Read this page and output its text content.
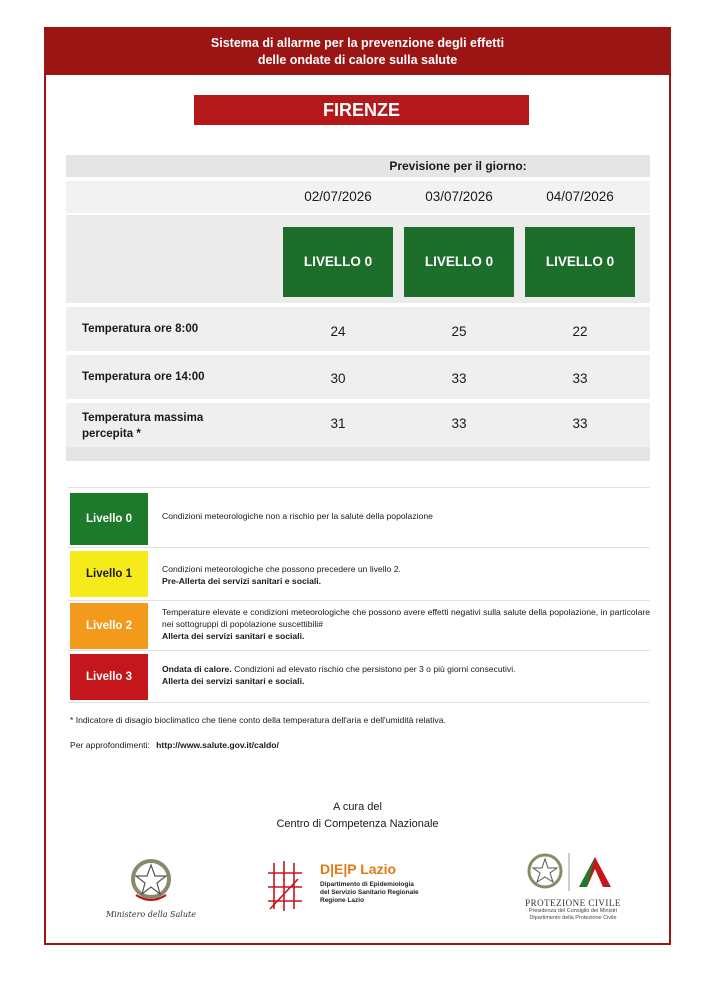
Sistema di allarme per la prevenzione degli effetti
delle ondate di calore sulla salute
FIRENZE
Previsione per il giorno:
02/07/2026	03/07/2026	04/07/2026
LIVELLO 0	LIVELLO 0	LIVELLO 0
Temperatura ore 8:00	24	25	22
Temperatura ore 14:00	30	33	33
Temperatura massima
percepita *
31	33	33
Livello 0	Condizioni meteorologiche non a rischio per la salute della popolazione
Livello 1	Condizioni meteorologiche che possono precedere un livello 2.
Pre-Allerta dei servizi sanitari e sociali.
Livello 2
Temperature elevate e condizioni meteorologiche che possono avere effetti negativi sulla salute della popolazione, in particolare nei sottogruppi di popolazione suscettibili#
Allerta dei servizi sanitari e sociali.
Livello 3
Ondata di calore. Condizioni ad elevato rischio che persistono per 3 o più giorni consecutivi.
Allerta dei servizi sanitari e sociali.
* Indicatore di disagio bioclimatico che tiene conto della temperatura dell'aria e dell'umidità relativa.
Per approfondimenti: http://www.salute.gov.it/caldo/
A cura del
Centro di Competenza Nazionale
Ministero della Salute
D|E|P Lazio
Dipartimento di Epidemiologia
del Servizio Sanitario Regionale
Regione Lazio	PROTEZIONE CIVILE
Presidenza del Consiglio dei Ministri
Dipartimento della Protezione Civile
